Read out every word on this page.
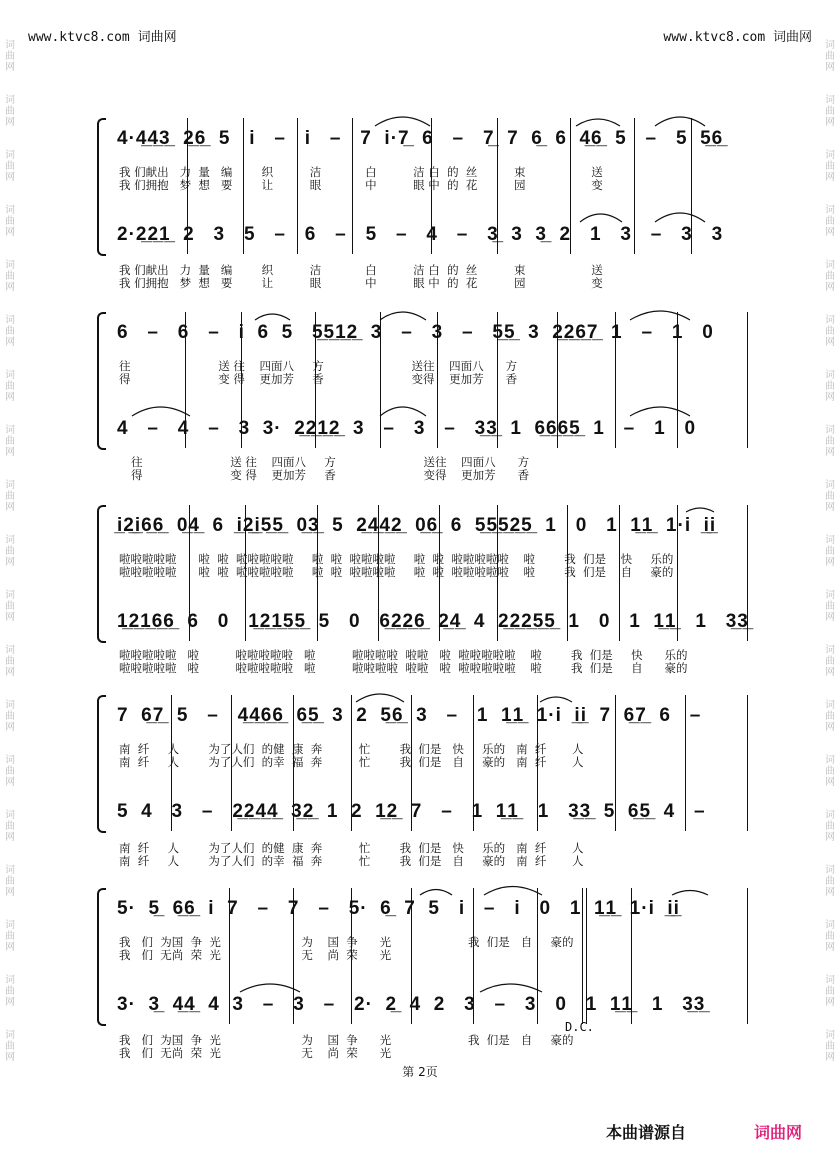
www.ktvc8.com 词曲网	www.ktvc8.com 词曲网
词
曲
网

词
曲
网

词
曲
网

词
曲
网

词
曲
网

词
曲
网

词
曲
网

词
曲
网

词
曲
网

词
曲
网

词
曲
网

词
曲
网

词
曲
网

词
曲
网

词
曲
网

词
曲
网

词
曲
网

词
曲
网

词
曲
网
词
曲
网

词
曲
网

词
曲
网

词
曲
网

词
曲
网

词
曲
网

词
曲
网

词
曲
网

词
曲
网

词
曲
网

词
曲
网

词
曲
网

词
曲
网

词
曲
网

词
曲
网

词
曲
网

词
曲
网

词
曲
网

词
曲
网
4·4̲4̲3̲  2̲6̲  5   i   –   i   –   7  i·7̲  6   –   7̲  7  6̲  6  4̲6̲  5   –   5  5̲6̲
我 们献出   力  量   编        织          洁            白          洁 白  的  丝          束                  送
我 们拥抱   梦  想   要        让          眼            中          眼 中  的  花          园                  变
2·2̲2̲1̲  2   3   5   –   6   –   5   –   4   –   3̲  3  3̲  2   1   3   –   3   3
我 们献出   力  量   编        织          洁            白          洁 白  的  丝          束                  送
我 们拥抱   梦  想   要        让          眼            中          眼 中  的  花          园                  变
6   –   6   –   i  6  5   5̲5̲1̲2̲  3   –   3   –   5̲5̲  3  2̲2̲6̲7̲  1   –   1   0
往                        送 往    四面八     方                        送往    四面八      方
得                        变 得    更加芳     香                        变得    更加芳      香
4   –   4   –   3  3·  2̲2̲1̲2̲  3   –   3   –   3̲3̲  1  6̲6̲6̲5̲  1   –   1   0
往                        送 往    四面八     方                        送往    四面八      方
得                        变 得    更加芳     香                        变得    更加芳      香
i̲2̲i̲6̲6̲  0̲4̲  6  i̲2̲i̲5̲5̲  0̲3̲  5  2̲4̲4̲2̲  0̲6̲  6  5̲5̲5̲2̲5̲  1   0   1  1̲1̲  1·i  i̲i̲
啦啦啦啦啦      啦  啦  啦啦啦啦啦     啦  啦  啦啦啦啦     啦  啦  啦啦啦啦啦    啦        我  们是    快     乐的
啦啦啦啦啦      啦  啦  啦啦啦啦啦     啦  啦  啦啦啦啦     啦  啦  啦啦啦啦啦    啦        我  们是    自     豪的
1̲2̲1̲6̲6̲  6   0   1̲2̲1̲5̲5̲  5   0   6̲2̲2̲6̲  2̲4̲  4  2̲2̲2̲5̲5̲  1   0   1  1̲1̲   1   3̲3̲
啦啦啦啦啦   啦          啦啦啦啦啦   啦          啦啦啦啦  啦啦   啦  啦啦啦啦啦    啦        我  们是     快      乐的
啦啦啦啦啦   啦          啦啦啦啦啦   啦          啦啦啦啦  啦啦   啦  啦啦啦啦啦    啦        我  们是     自      豪的
7  6̲7̲  5   –   4̲4̲6̲6̲  6̲5̲  3  2  5̲6̲  3   –   1  1̲1̲  1·i  i̲i̲  7  6̲7̲  6   –
南  纤     人        为了人们  的健  康  奔          忙        我  们是   快     乐的   南  纤       人
南  纤     人        为了人们  的幸  福  奔          忙        我  们是   自     豪的   南  纤       人
5  4   3   –   2̲2̲4̲4̲  3̲2̲  1  2  1̲2̲  7   –   1  1̲1̲   1   3̲3̲  5  6̲5̲  4   –
南  纤     人        为了人们  的健  康  奔          忙        我  们是   快     乐的   南  纤       人
南  纤     人        为了人们  的幸  福  奔          忙        我  们是   自     豪的   南  纤       人
5·  5̲  6̲6̲  i  7   –   7   –   5·  6̲  7  5   i   –   i   0   1  1̲1̲  1·i  i̲i̲
我   们  为国  争  光                      为    国  争      光                     我  们是   自     豪的
我   们  无尚  荣  光                      无    尚  荣      光
3·  3̲  4̲4̲  4  3   –   3   –   2·  2̲  4  2   3   –   3   0   1  1̲1̲   1   3̲3̲
D.C.
我   们  为国  争  光                      为    国  争      光                     我  们是   自     豪的
我   们  无尚  荣  光                      无    尚  荣      光
第 2页
本曲谱源自	词曲网
